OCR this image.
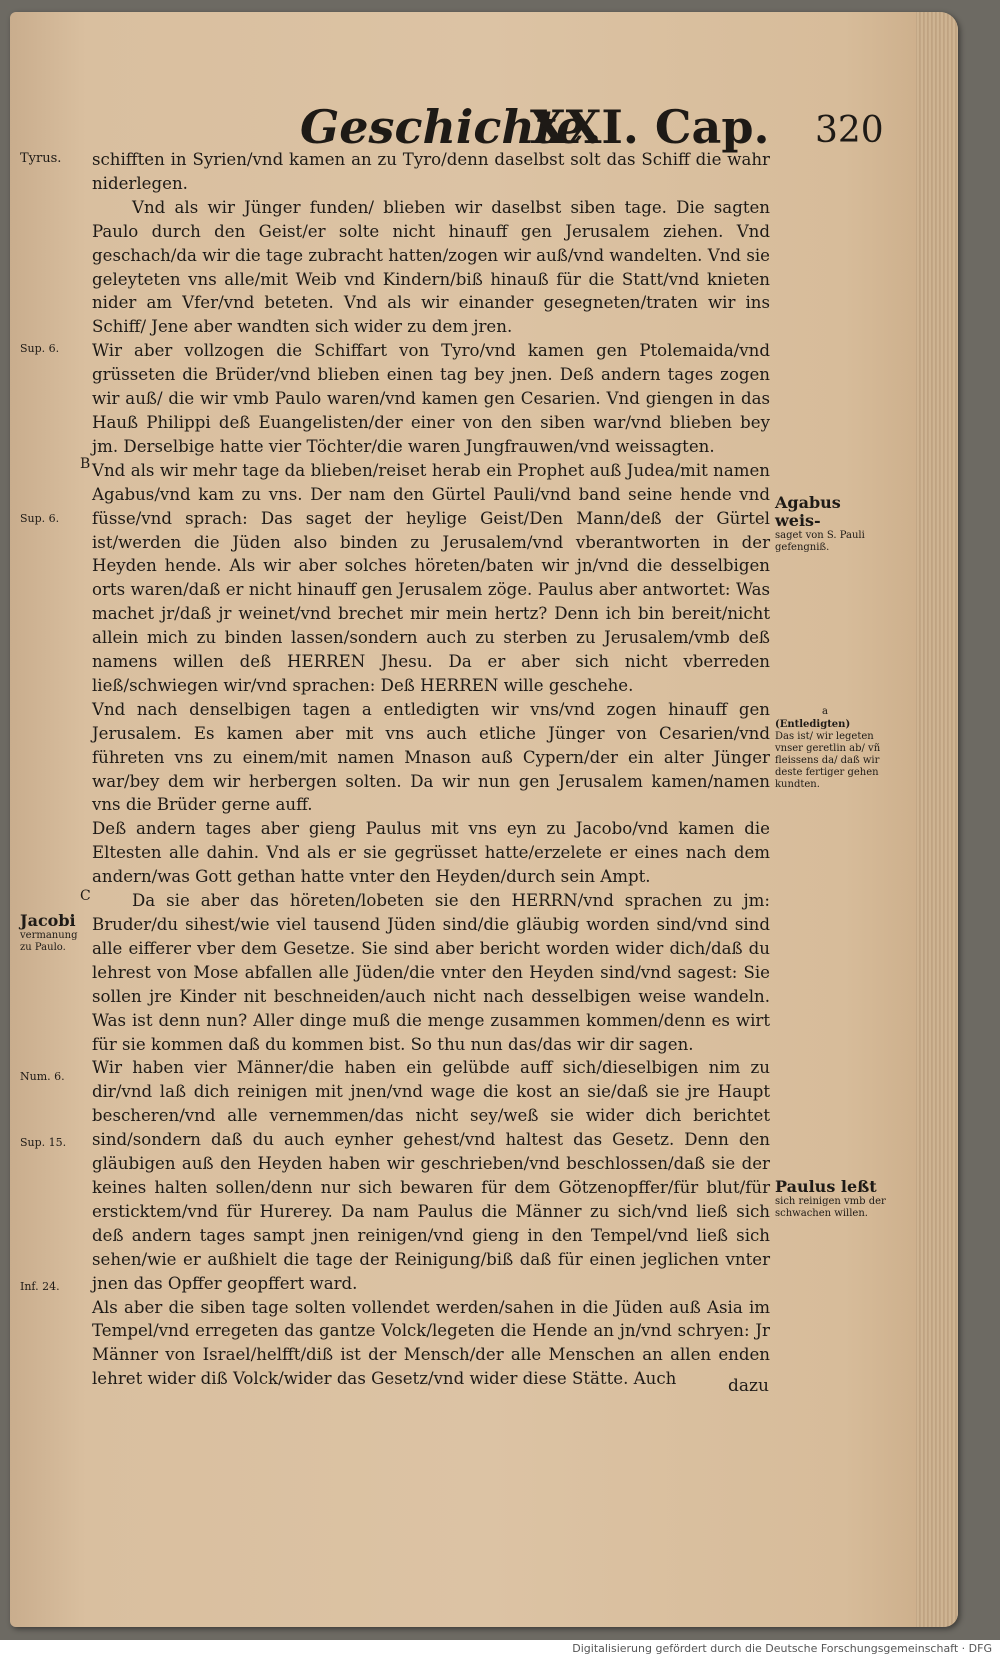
Geschichte.
XXI. Cap. 320

schifften in Syrien/vnd kamen an zu Tyro/denn daselbst solt das Schiff die wahr niderlegen.

Vnd als wir Jünger funden/ blieben wir daselbst siben tage. Die sagten Paulo durch den Geist/er solte nicht hinauff gen Jerusalem ziehen. Vnd geschach/da wir die tage zubracht hatten/zogen wir auß/vnd wandelten. Vnd sie geleyteten vns alle/mit Weib vnd Kindern/biß hinauß für die Statt/vnd knieten nider am Vfer/vnd beteten. Vnd als wir einander gesegneten/traten wir ins Schiff/ Jene aber wandten sich wider zu dem jren.

Wir aber vollzogen die Schiffart von Tyro/vnd kamen gen Ptolemaida/vnd grüsseten die Brüder/vnd blieben einen tag bey jnen. Deß andern tages zogen wir auß/ die wir vmb Paulo waren/vnd kamen gen Cesarien. Vnd giengen in das Hauß Philippi deß Euangelisten/der einer von den siben war/vnd blieben bey jm. Derselbige hatte vier Töchter/die waren Jungfrauwen/vnd weissagten.

Vnd als wir mehr tage da blieben/reiset herab ein Prophet auß Judea/mit namen Agabus/vnd kam zu vns. Der nam den Gürtel Pauli/vnd band seine hende vnd füsse/vnd sprach: Das saget der heylige Geist/Den Mann/deß der Gürtel ist/werden die Jüden also binden zu Jerusalem/vnd vberantworten in der Heyden hende. Als wir aber solches höreten/baten wir jn/vnd die desselbigen orts waren/daß er nicht hinauff gen Jerusalem zöge. Paulus aber antwortet: Was machet jr/daß jr weinet/vnd brechet mir mein hertz? Denn ich bin bereit/nicht allein mich zu binden lassen/sondern auch zu sterben zu Jerusalem/vmb deß namens willen deß HERREN Jhesu. Da er aber sich nicht vberreden ließ/schwiegen wir/vnd sprachen: Deß HERREN wille geschehe.

Vnd nach denselbigen tagen a entledigten wir vns/vnd zogen hinauff gen Jerusalem. Es kamen aber mit vns auch etliche Jünger von Cesarien/vnd führeten vns zu einem/mit namen Mnason auß Cypern/der ein alter Jünger war/bey dem wir herbergen solten. Da wir nun gen Jerusalem kamen/namen vns die Brüder gerne auff.

Deß andern tages aber gieng Paulus mit vns eyn zu Jacobo/vnd kamen die Eltesten alle dahin. Vnd als er sie gegrüsset hatte/erzelete er eines nach dem andern/was Gott gethan hatte vnter den Heyden/durch sein Ampt.

Da sie aber das höreten/lobeten sie den HERRN/vnd sprachen zu jm: Bruder/du sihest/wie viel tausend Jüden sind/die gläubig worden sind/vnd sind alle eifferer vber dem Gesetze. Sie sind aber bericht worden wider dich/daß du lehrest von Mose abfallen alle Jüden/die vnter den Heyden sind/vnd sagest: Sie sollen jre Kinder nit beschneiden/auch nicht nach desselbigen weise wandeln. Was ist denn nun? Aller dinge muß die menge zusammen kommen/denn es wirt für sie kommen daß du kommen bist. So thu nun das/das wir dir sagen.

Wir haben vier Männer/die haben ein gelübde auff sich/dieselbigen nim zu dir/vnd laß dich reinigen mit jnen/vnd wage die kost an sie/daß sie jre Haupt bescheren/vnd alle vernemmen/das nicht sey/weß sie wider dich berichtet sind/sondern daß du auch eynher gehest/vnd haltest das Gesetz. Denn den gläubigen auß den Heyden haben wir geschrieben/vnd beschlossen/daß sie der keines halten sollen/denn nur sich bewaren für dem Götzenopffer/für blut/für ersticktem/vnd für Hurerey. Da nam Paulus die Männer zu sich/vnd ließ sich deß andern tages sampt jnen reinigen/vnd gieng in den Tempel/vnd ließ sich sehen/wie er außhielt die tage der Reinigung/biß daß für einen jeglichen vnter jnen das Opffer geopffert ward.

Als aber die siben tage solten vollendet werden/sahen in die Jüden auß Asia im Tempel/vnd erregeten das gantze Volck/legeten die Hende an jn/vnd schryen: Jr Männer von Israel/helfft/diß ist der Mensch/der alle Menschen an allen enden lehret wider diß Volck/wider das Gesetz/vnd wider diese Stätte. Auch	dazu
Tyrus.
Sup. 6.
B
Sup. 6.
C
Jacobi
vermanung zu Paulo.
Num. 6.
Sup. 15.
Inf. 24.
Agabus weis-
saget von S. Pauli gefengniß.
a
(Entledigten)
Das ist/ wir legeten vnser geretlin ab/ vñ fleissens da/ daß wir deste fertiger gehen kundten.
Paulus leßt
sich reinigen vmb der schwachen willen.
Digitalisierung gefördert durch die Deutsche Forschungsgemeinschaft · DFG
